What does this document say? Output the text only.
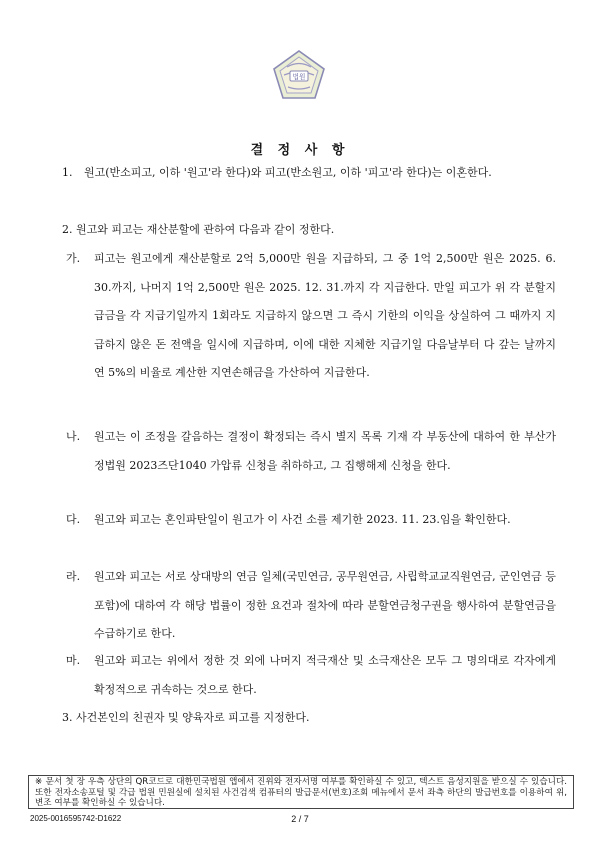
법원
결 정 사 항
1. 원고(반소피고, 이하 '원고'라 한다)와 피고(반소원고, 이하 '피고'라 한다)는 이혼한다.
2. 원고와 피고는 재산분할에 관하여 다음과 같이 정한다.
가. 피고는 원고에게 재산분할로 2억 5,000만 원을 지급하되, 그 중 1억 2,500만 원은 2025. 6. 30.까지, 나머지 1억 2,500만 원은 2025. 12. 31.까지 각 지급한다. 만일 피고가 위 각 분할지급금을 각 지급기일까지 1회라도 지급하지 않으면 그 즉시 기한의 이익을 상실하여 그 때까지 지급하지 않은 돈 전액을 일시에 지급하며, 이에 대한 지체한 지급기일 다음날부터 다 갚는 날까지 연 5%의 비율로 계산한 지연손해금을 가산하여 지급한다.
나. 원고는 이 조정을 갈음하는 결정이 확정되는 즉시 별지 목록 기재 각 부동산에 대하여 한 부산가정법원 2023즈단1040 가압류 신청을 취하하고, 그 집행해제 신청을 한다.
다. 원고와 피고는 혼인파탄일이 원고가 이 사건 소를 제기한 2023. 11. 23.임을 확인한다.
라. 원고와 피고는 서로 상대방의 연금 일체(국민연금, 공무원연금, 사립학교교직원연금, 군인연금 등 포함)에 대하여 각 해당 법률이 정한 요건과 절차에 따라 분할연금청구권을 행사하여 분할연금을 수급하기로 한다.
마. 원고와 피고는 위에서 정한 것 외에 나머지 적극재산 및 소극재산은 모두 그 명의대로 각자에게 확정적으로 귀속하는 것으로 한다.
3. 사건본인의 친권자 및 양육자로 피고를 지정한다.
※ 문서 첫 장 우측 상단의 QR코드로 대한민국법원 앱에서 진위와 전자서명 여부를 확인하실 수 있고, 텍스트 음성지원을 받으실 수 있습니다. 또한 전자소송포털 및 각급 법원 민원실에 설치된 사건검색 컴퓨터의 발급문서(번호)조회 메뉴에서 문서 좌측 하단의 발급번호를 이용하여 위,변조 여부를 확인하실 수 있습니다.
2025-0016595742-D1622	2 / 7
